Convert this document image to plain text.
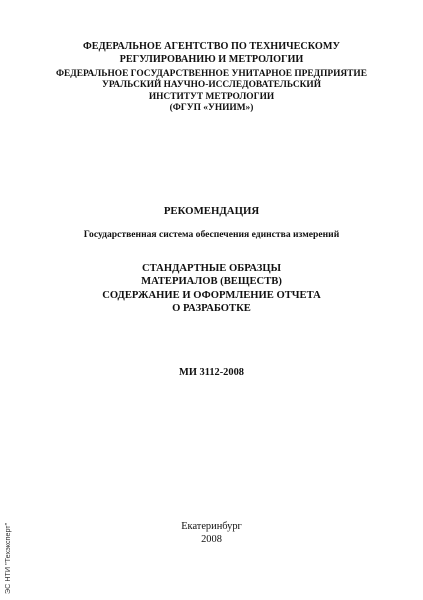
ФЕДЕРАЛЬНОЕ АГЕНТСТВО ПО ТЕХНИЧЕСКОМУ
РЕГУЛИРОВАНИЮ И МЕТРОЛОГИИ
ФЕДЕРАЛЬНОЕ ГОСУДАРСТВЕННОЕ УНИТАРНОЕ ПРЕДПРИЯТИЕ
УРАЛЬСКИЙ НАУЧНО-ИССЛЕДОВАТЕЛЬСКИЙ
ИНСТИТУТ МЕТРОЛОГИИ
(ФГУП «УНИИМ»)
РЕКОМЕНДАЦИЯ
Государственная система обеспечения единства измерений
СТАНДАРТНЫЕ ОБРАЗЦЫ
МАТЕРИАЛОВ (ВЕЩЕСТВ)
СОДЕРЖАНИЕ И ОФОРМЛЕНИЕ ОТЧЕТА
О РАЗРАБОТКЕ
МИ 3112-2008
Екатеринбург
2008
ЭС НТИ "Техэксперт"
